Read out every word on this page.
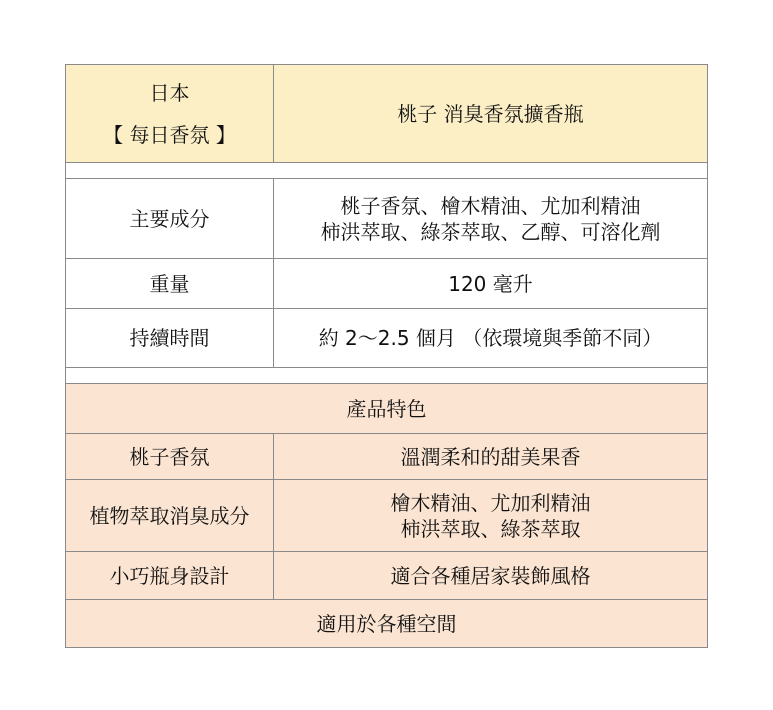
日本
【 每日香氛 】	桃子 消臭香氛擴香瓶

主要成分	桃子香氛、檜木精油、尤加利精油
柿洪萃取、綠茶萃取、乙醇、可溶化劑

重量	120 毫升
持續時間	約 2～2.5 個月 （依環境與季節不同）

產品特色	
桃子香氛	溫潤柔和的甜美果香
植物萃取消臭成分	檜木精油、尤加利精油
柿洪萃取、綠茶萃取

小巧瓶身設計	適合各種居家裝飾風格
適用於各種空間	
